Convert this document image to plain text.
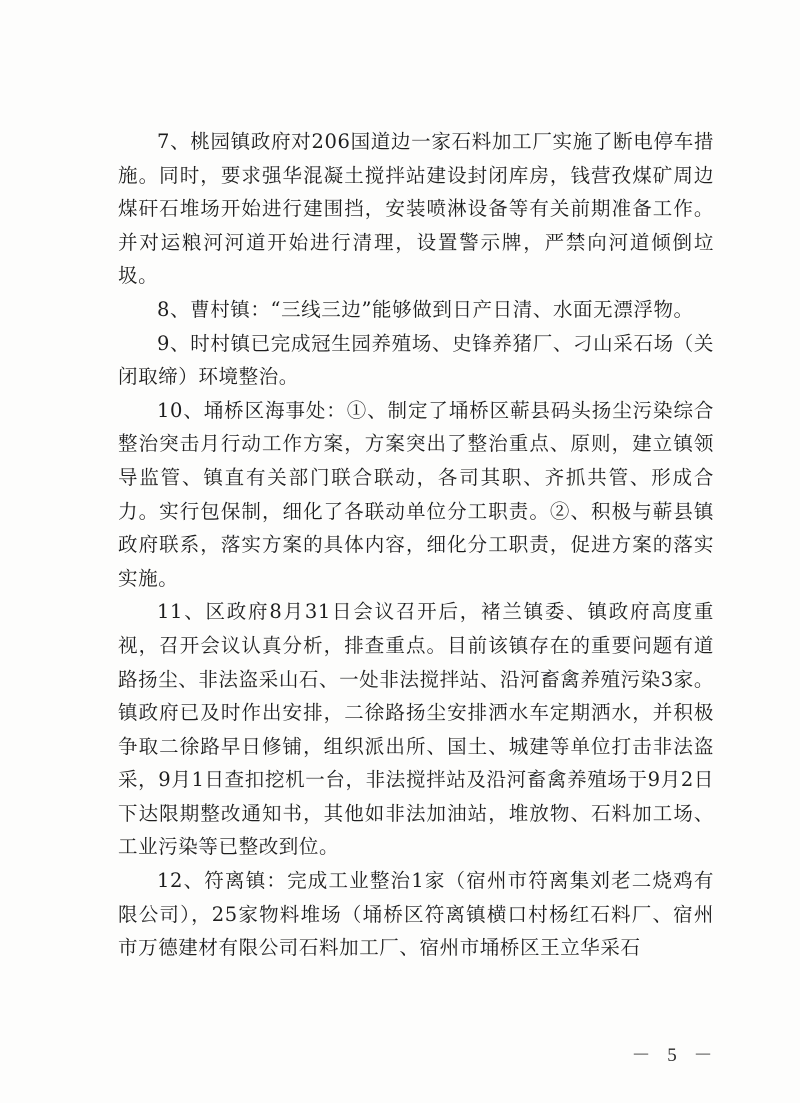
7、桃园镇政府对206国道边一家石料加工厂实施了断电停车措施。同时，要求强华混凝土搅拌站建设封闭库房，钱营孜煤矿周边煤矸石堆场开始进行建围挡，安装喷淋设备等有关前期准备工作。并对运粮河河道开始进行清理，设置警示牌，严禁向河道倾倒垃圾。

8、曹村镇：“三线三边”能够做到日产日清、水面无漂浮物。

9、时村镇已完成冠生园养殖场、史锋养猪厂、刁山采石场（关闭取缔）环境整治。

10、埇桥区海事处：①、制定了埇桥区蕲县码头扬尘污染综合整治突击月行动工作方案，方案突出了整治重点、原则，建立镇领导监管、镇直有关部门联合联动，各司其职、齐抓共管、形成合力。实行包保制，细化了各联动单位分工职责。②、积极与蕲县镇政府联系，落实方案的具体内容，细化分工职责，促进方案的落实实施。

11、区政府8月31日会议召开后，褚兰镇委、镇政府高度重视，召开会议认真分析，排查重点。目前该镇存在的重要问题有道路扬尘、非法盗采山石、一处非法搅拌站、沿河畜禽养殖污染3家。镇政府已及时作出安排，二徐路扬尘安排洒水车定期洒水，并积极争取二徐路早日修铺，组织派出所、国土、城建等单位打击非法盗采，9月1日查扣挖机一台，非法搅拌站及沿河畜禽养殖场于9月2日下达限期整改通知书，其他如非法加油站，堆放物、石料加工场、工业污染等已整改到位。

12、符离镇：完成工业整治1家（宿州市符离集刘老二烧鸡有限公司），25家物料堆场（埇桥区符离镇横口村杨红石料厂、宿州市万德建材有限公司石料加工厂、宿州市埇桥区王立华采石

－ 5 －
